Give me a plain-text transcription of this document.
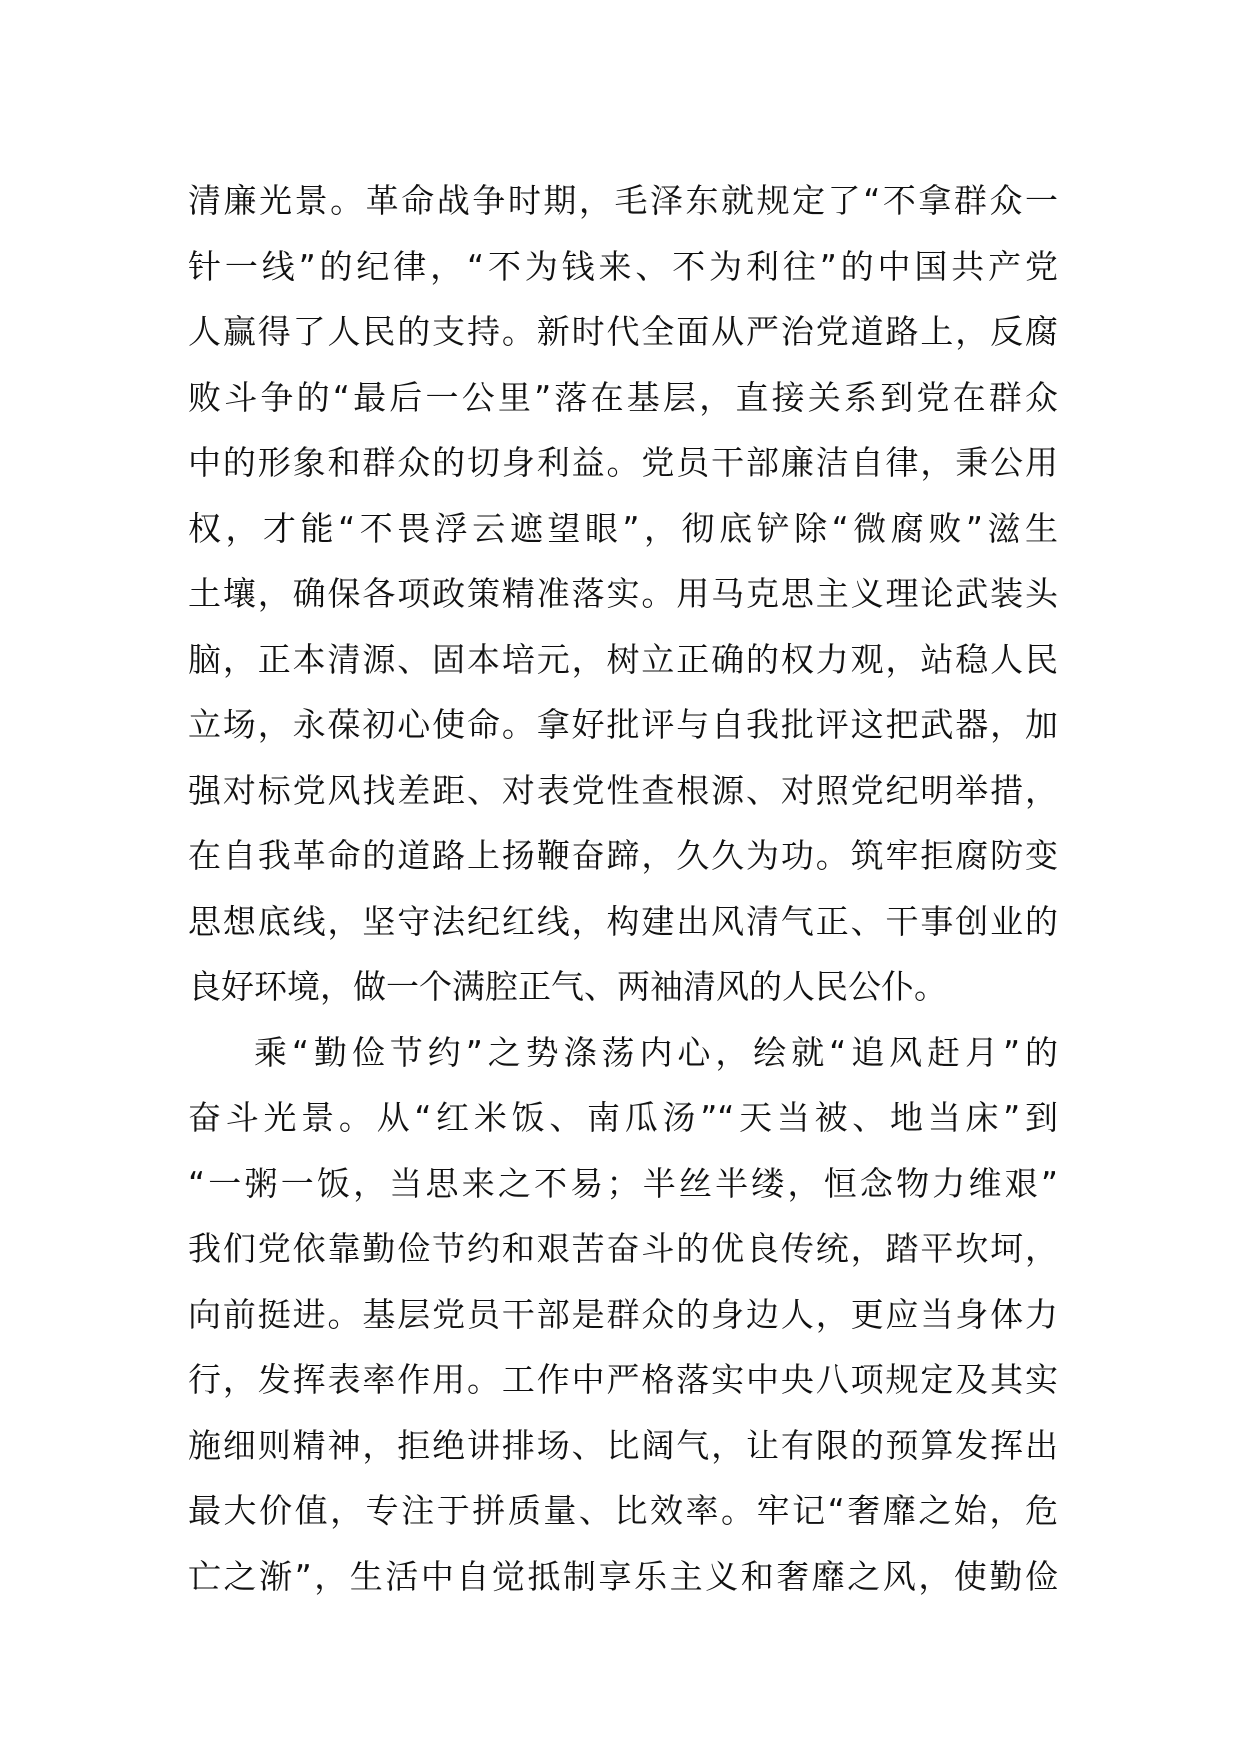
清廉光景。革命战争时期，毛泽东就规定了“不拿群众一
针一线”的纪律，“不为钱来、不为利往”的中国共产党
人赢得了人民的支持。新时代全面从严治党道路上，反腐
败斗争的“最后一公里”落在基层，直接关系到党在群众
中的形象和群众的切身利益。党员干部廉洁自律，秉公用
权，才能“不畏浮云遮望眼”，彻底铲除“微腐败”滋生
土壤，确保各项政策精准落实。用马克思主义理论武装头
脑，正本清源、固本培元，树立正确的权力观，站稳人民
立场，永葆初心使命。拿好批评与自我批评这把武器，加
强对标党风找差距、对表党性查根源、对照党纪明举措，
在自我革命的道路上扬鞭奋蹄，久久为功。筑牢拒腐防变
思想底线，坚守法纪红线，构建出风清气正、干事创业的
良好环境，做一个满腔正气、两袖清风的人民公仆。
乘“勤俭节约”之势涤荡内心，绘就“追风赶月”的
奋斗光景。从“红米饭、南瓜汤”“天当被、地当床”到
“一粥一饭，当思来之不易；半丝半缕，恒念物力维艰”
我们党依靠勤俭节约和艰苦奋斗的优良传统，踏平坎坷，
向前挺进。基层党员干部是群众的身边人，更应当身体力
行，发挥表率作用。工作中严格落实中央八项规定及其实
施细则精神，拒绝讲排场、比阔气，让有限的预算发挥出
最大价值，专注于拼质量、比效率。牢记“奢靡之始，危
亡之渐”，生活中自觉抵制享乐主义和奢靡之风，使勤俭
